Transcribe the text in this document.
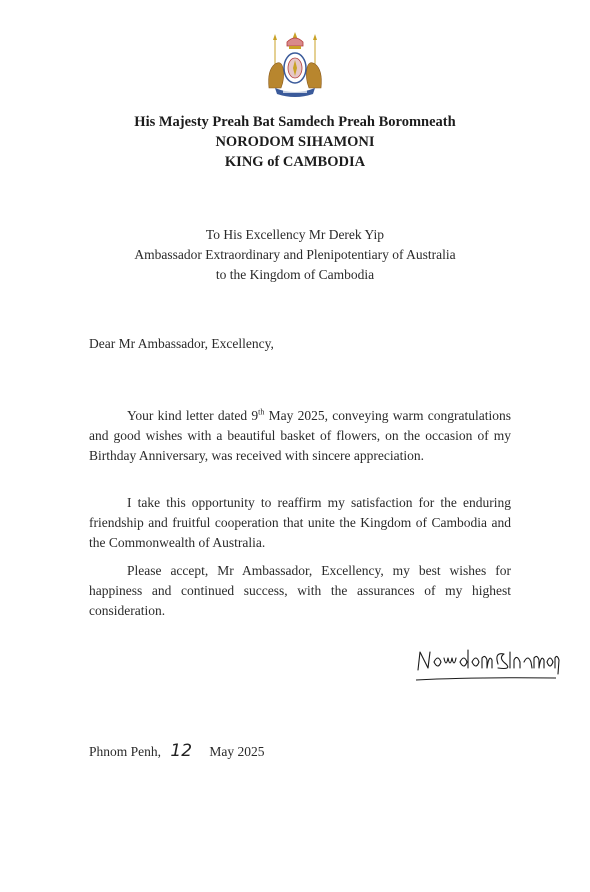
His Majesty Preah Bat Samdech Preah Boromneath
NORODOM SIHAMONI
KING of CAMBODIA
To His Excellency Mr Derek Yip
Ambassador Extraordinary and Plenipotentiary of Australia
to the Kingdom of Cambodia
Dear Mr Ambassador, Excellency,

Your kind letter dated 9th May 2025, conveying warm congratulations and good wishes with a beautiful basket of flowers, on the occasion of my Birthday Anniversary, was received with sincere appreciation.

I take this opportunity to reaffirm my satisfaction for the enduring friendship and fruitful cooperation that unite the Kingdom of Cambodia and the Commonwealth of Australia.

Please accept, Mr Ambassador, Excellency, my best wishes for happiness and continued success, with the assurances of my highest consideration.

Phnom Penh, 12 May 2025
